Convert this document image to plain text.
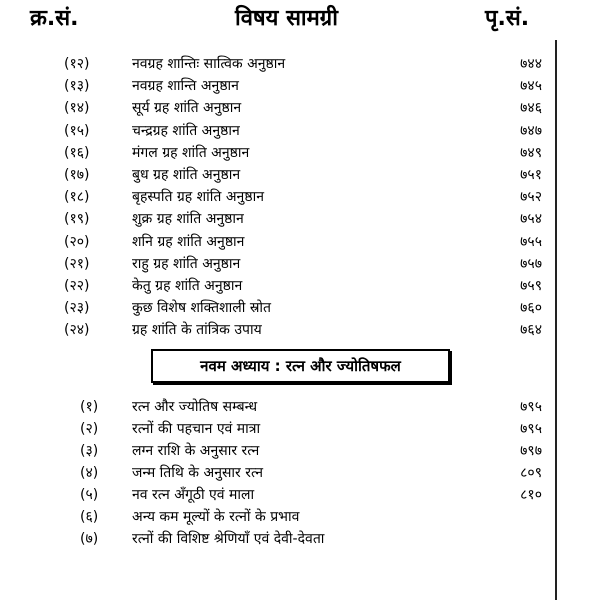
क्र.सं.	विषय सामग्री	पृ.सं.
(१२)	नवग्रह शान्तिः सात्विक अनुष्ठान	७४४
(१३)	नवग्रह शान्ति अनुष्ठान	७४५
(१४)	सूर्य ग्रह शांति अनुष्ठान	७४६
(१५)	चन्द्रग्रह शांति अनुष्ठान	७४७
(१६)	मंगल ग्रह शांति अनुष्ठान	७४९
(१७)	बुध ग्रह शांति अनुष्ठान	७५१
(१८)	बृहस्पति ग्रह शांति अनुष्ठान	७५२
(१९)	शुक्र ग्रह शांति अनुष्ठान	७५४
(२०)	शनि ग्रह शांति अनुष्ठान	७५५
(२१)	राहु ग्रह शांति अनुष्ठान	७५७
(२२)	केतु ग्रह शांति अनुष्ठान	७५९
(२३)	कुछ विशेष शक्तिशाली स्रोत	७६०
(२४)	ग्रह शांति के तांत्रिक उपाय	७६४
नवम अध्याय : रत्न और ज्योतिषफल
(१) रत्न और ज्योतिष सम्बन्ध	७९५
(२) रत्नों की पहचान एवं मात्रा	७९५
(३) लग्न राशि के अनुसार रत्न	७९७
(४) जन्म तिथि के अनुसार रत्न	८०९
(५) नव रत्न अँगूठी एवं माला	८१०
(६) अन्य कम मूल्यों के रत्नों के प्रभाव
(७) रत्नों की विशिष्ट श्रेणियाँ एवं देवी-देवता
